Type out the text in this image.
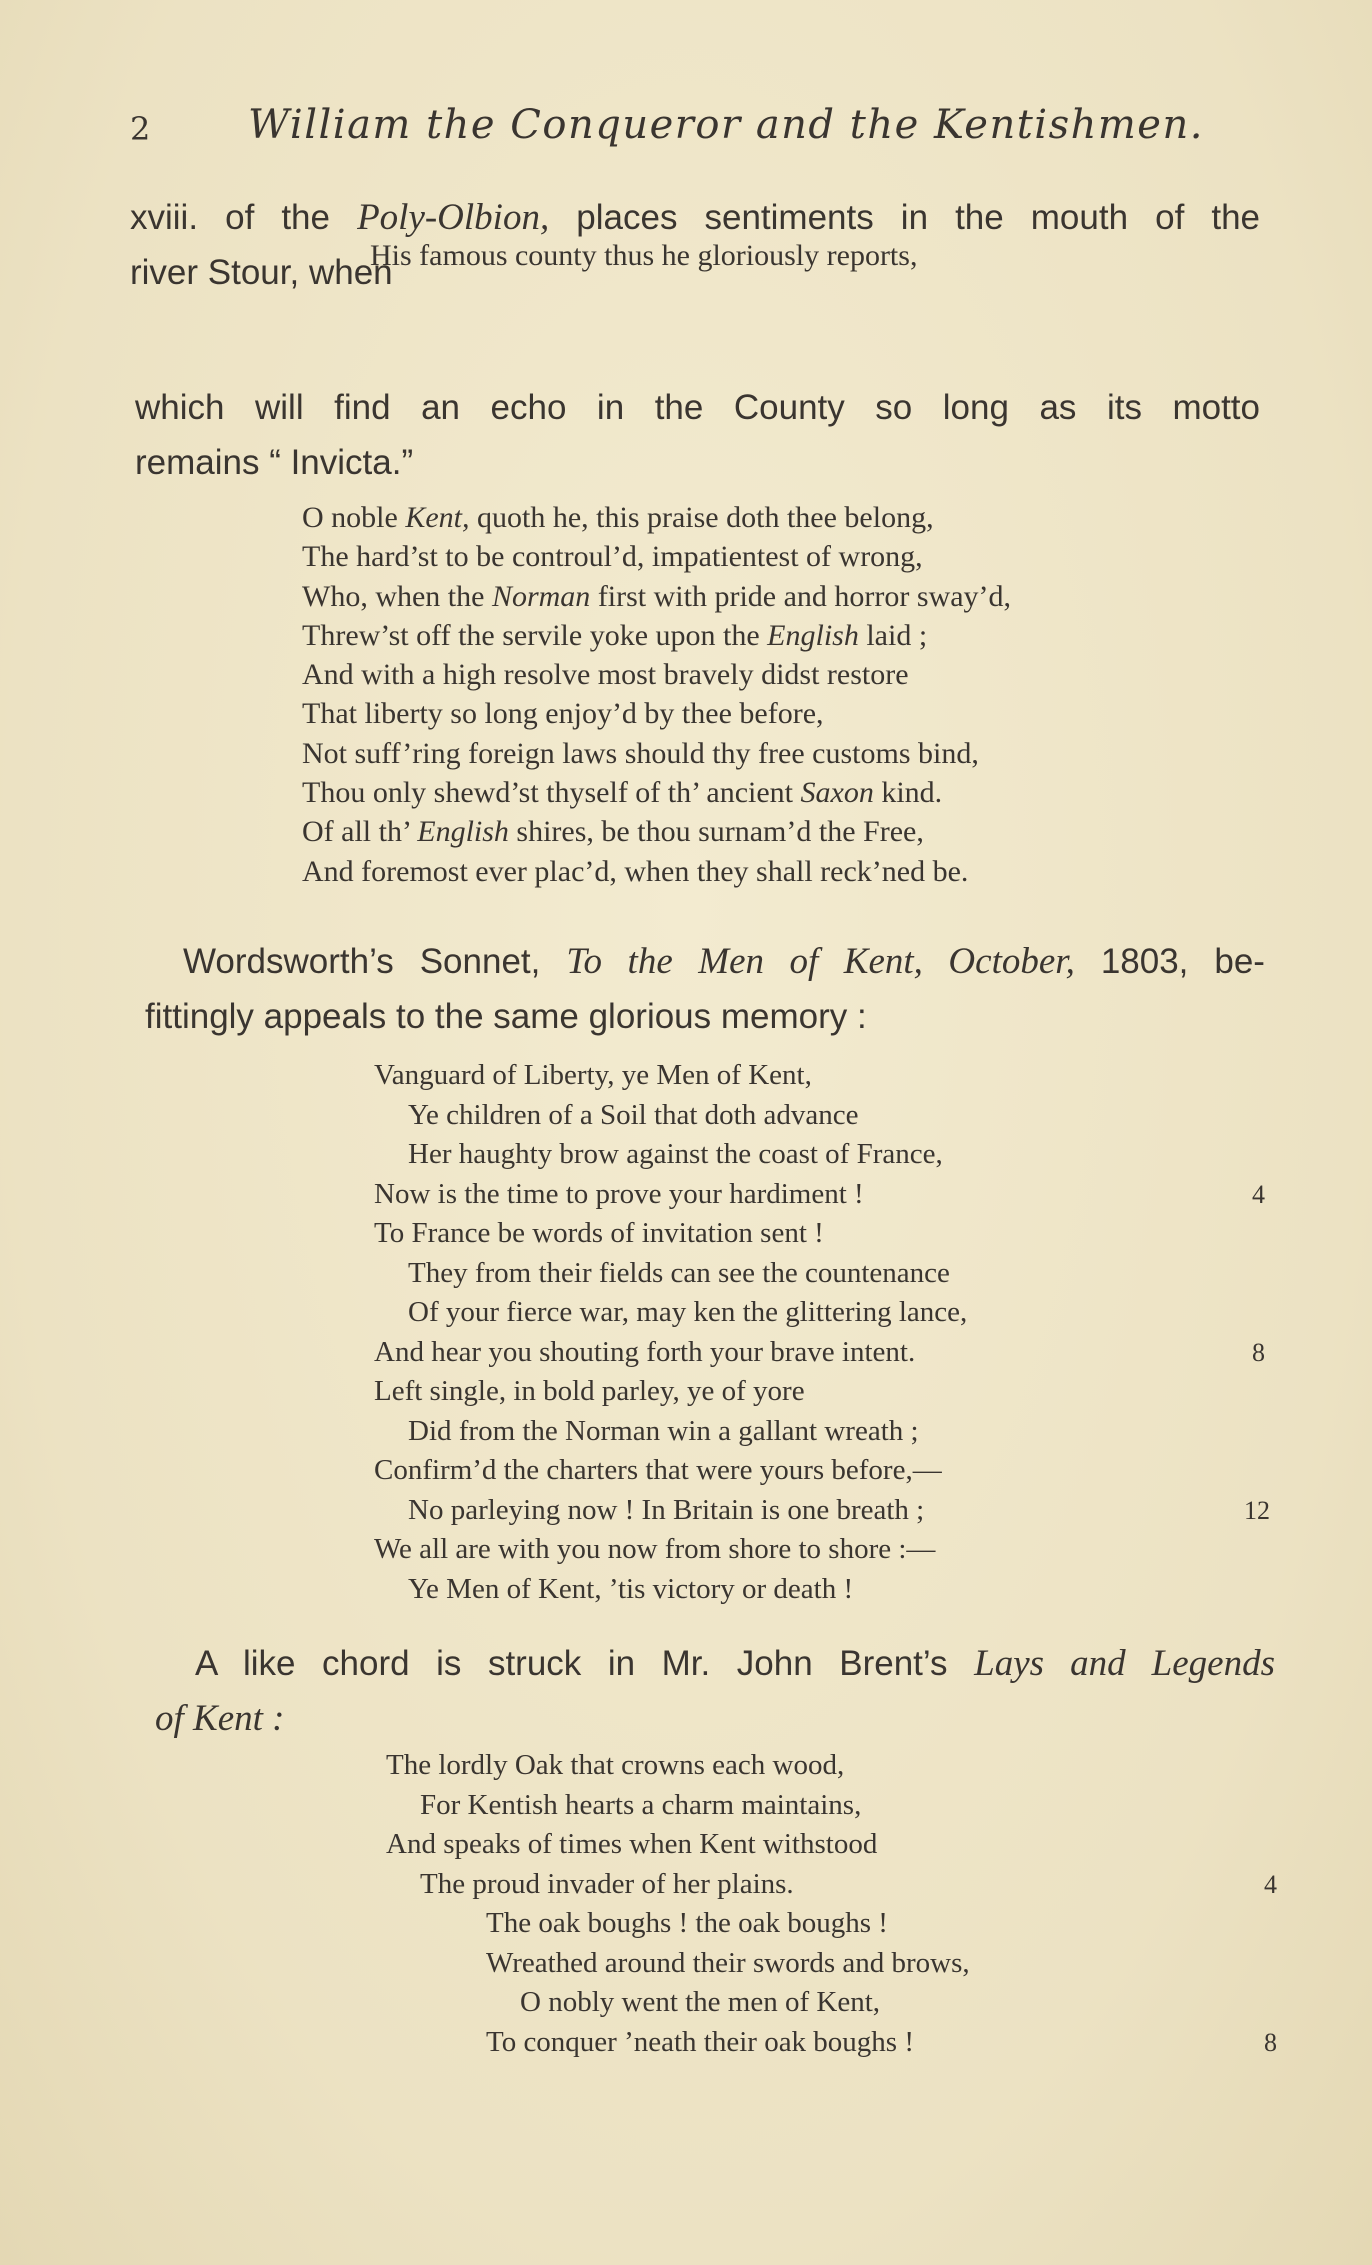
2 William the Conqueror and the Kentishmen.
xviii. of the Poly-Olbion, places sentiments in the mouth of the
river Stour, when
His famous county thus he gloriously reports,
which will find an echo in the County so long as its motto
remains “ Invicta.”
O noble Kent, quoth he, this praise doth thee belong,
The hard’st to be controul’d, impatientest of wrong,
Who, when the Norman first with pride and horror sway’d,
Threw’st off the servile yoke upon the English laid ;
And with a high resolve most bravely didst restore
That liberty so long enjoy’d by thee before,
Not suff’ring foreign laws should thy free customs bind,
Thou only shewd’st thyself of th’ ancient Saxon kind.
Of all th’ English shires, be thou surnam’d the Free,
And foremost ever plac’d, when they shall reck’ned be.
Wordsworth’s Sonnet, To the Men of Kent, October, 1803, be-
fittingly appeals to the same glorious memory :
Vanguard of Liberty, ye Men of Kent,
Ye children of a Soil that doth advance
Her haughty brow against the coast of France,
Now is the time to prove your hardiment !	4
To France be words of invitation sent !
They from their fields can see the countenance
Of your fierce war, may ken the glittering lance,
And hear you shouting forth your brave intent.	8
Left single, in bold parley, ye of yore
Did from the Norman win a gallant wreath ;
Confirm’d the charters that were yours before,—
No parleying now ! In Britain is one breath ;	12
We all are with you now from shore to shore :—
Ye Men of Kent, ’tis victory or death !
A like chord is struck in Mr. John Brent’s Lays and Legends
of Kent :
The lordly Oak that crowns each wood,
For Kentish hearts a charm maintains,
And speaks of times when Kent withstood
The proud invader of her plains.	4
The oak boughs ! the oak boughs !
Wreathed around their swords and brows,
O nobly went the men of Kent,
To conquer ’neath their oak boughs !	8
